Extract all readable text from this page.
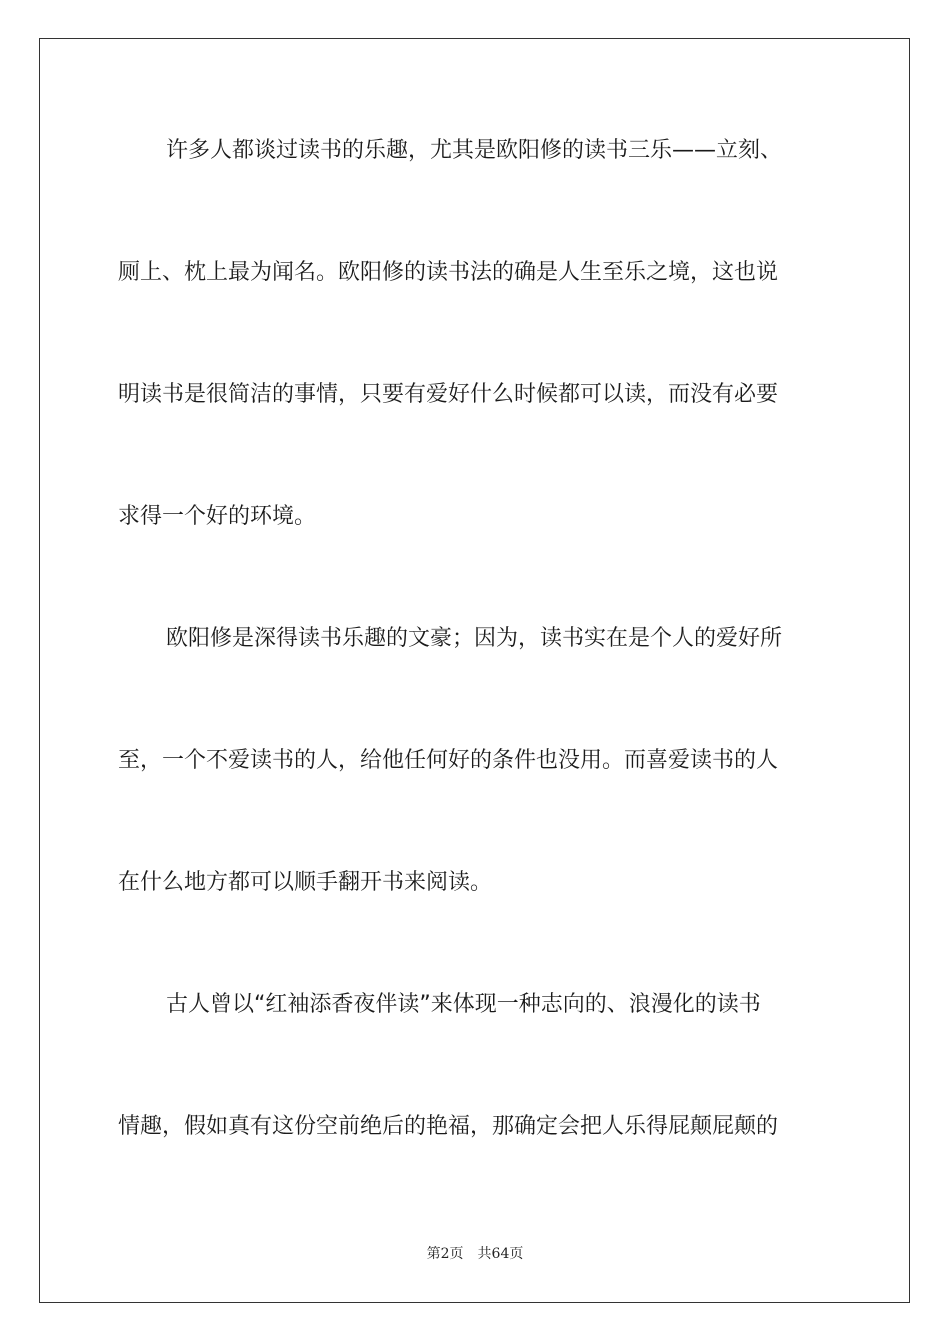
许多人都谈过读书的乐趣，尤其是欧阳修的读书三乐——立刻、
厕上、枕上最为闻名。欧阳修的读书法的确是人生至乐之境，这也说
明读书是很简洁的事情，只要有爱好什么时候都可以读，而没有必要
求得一个好的环境。
欧阳修是深得读书乐趣的文豪；因为，读书实在是个人的爱好所
至，一个不爱读书的人，给他任何好的条件也没用。而喜爱读书的人
在什么地方都可以顺手翻开书来阅读。
古人曾以“红袖添香夜伴读”来体现一种志向的、浪漫化的读书
情趣，假如真有这份空前绝后的艳福，那确定会把人乐得屁颠屁颠的
第2页 共64页
